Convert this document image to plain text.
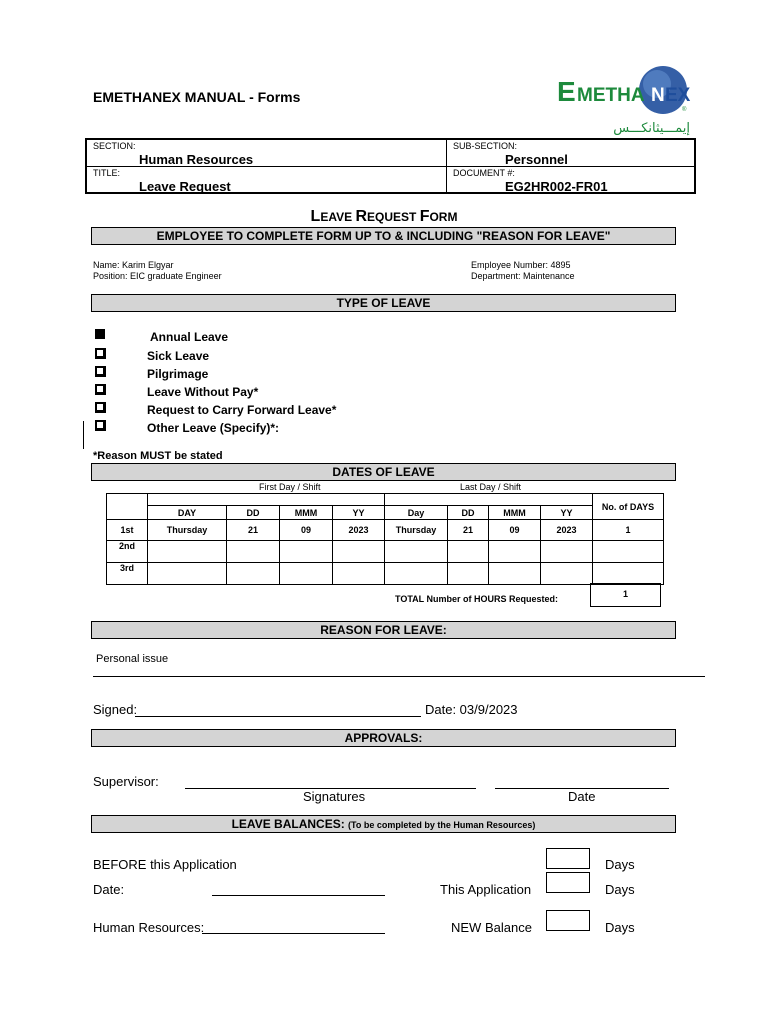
EMETHANEX MANUAL - Forms	E METHA N EX
®
إيمـــيثانكـــس
SECTION:
Human Resources
SUB-SECTION:
Personnel
TITLE:
Leave Request
DOCUMENT #:
EG2HR002-FR01
LEAVE REQUEST FORM
EMPLOYEE TO COMPLETE FORM UP TO & INCLUDING "REASON FOR LEAVE"
Name: Karim Elgyar
Position: EIC graduate Engineer
Employee Number: 4895
Department: Maintenance
TYPE OF LEAVE
Annual Leave
Sick Leave
Pilgrimage
Leave Without Pay*
Request to Carry Forward Leave*
Other Leave (Specify)*:
*Reason MUST be stated
DATES OF LEAVE
First Day / Shift	Last Day / Shift
									No. of DAYS
	DAY	DD	MMM	YY	Day	DD	MMM	YY	
1st	Thursday	21	09	2023	Thursday	21	09	2023	1
2nd									
3rd									
TOTAL Number of HOURS Requested:	1
REASON FOR LEAVE:
Personal issue
Signed:	Date: 03/9/2023
APPROVALS:
Supervisor:
Signatures	Date
LEAVE BALANCES: (To be completed by the Human Resources)
BEFORE this Application	Days
Date:	This Application	Days
Human Resources:	NEW Balance	Days
